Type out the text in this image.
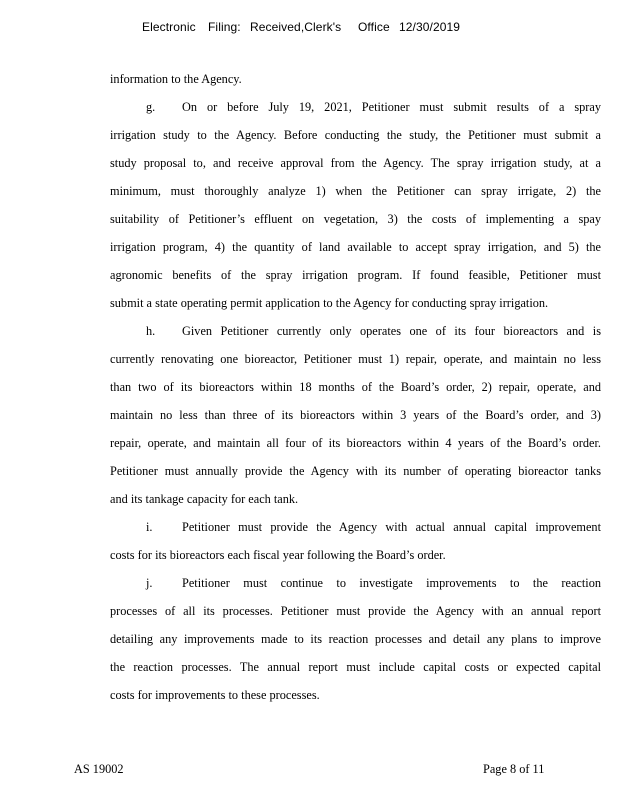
Electronic Filing: Received,Clerk's Office 12/30/2019
information to the Agency.
g. On or before July 19, 2021, Petitioner must submit results of a spray
irrigation study to the Agency. Before conducting the study, the Petitioner must submit a
study proposal to, and receive approval from the Agency. The spray irrigation study, at a
minimum, must thoroughly analyze 1) when the Petitioner can spray irrigate, 2) the
suitability of Petitioner’s effluent on vegetation, 3) the costs of implementing a spay
irrigation program, 4) the quantity of land available to accept spray irrigation, and 5) the
agronomic benefits of the spray irrigation program. If found feasible, Petitioner must
submit a state operating permit application to the Agency for conducting spray irrigation.
h. Given Petitioner currently only operates one of its four bioreactors and is
currently renovating one bioreactor, Petitioner must 1) repair, operate, and maintain no less
than two of its bioreactors within 18 months of the Board’s order, 2) repair, operate, and
maintain no less than three of its bioreactors within 3 years of the Board’s order, and 3)
repair, operate, and maintain all four of its bioreactors within 4 years of the Board’s order.
Petitioner must annually provide the Agency with its number of operating bioreactor tanks
and its tankage capacity for each tank.
i. Petitioner must provide the Agency with actual annual capital improvement
costs for its bioreactors each fiscal year following the Board’s order.
j. Petitioner must continue to investigate improvements to the reaction
processes of all its processes. Petitioner must provide the Agency with an annual report
detailing any improvements made to its reaction processes and detail any plans to improve
the reaction processes. The annual report must include capital costs or expected capital
costs for improvements to these processes.
AS 19002	Page 8 of 11
